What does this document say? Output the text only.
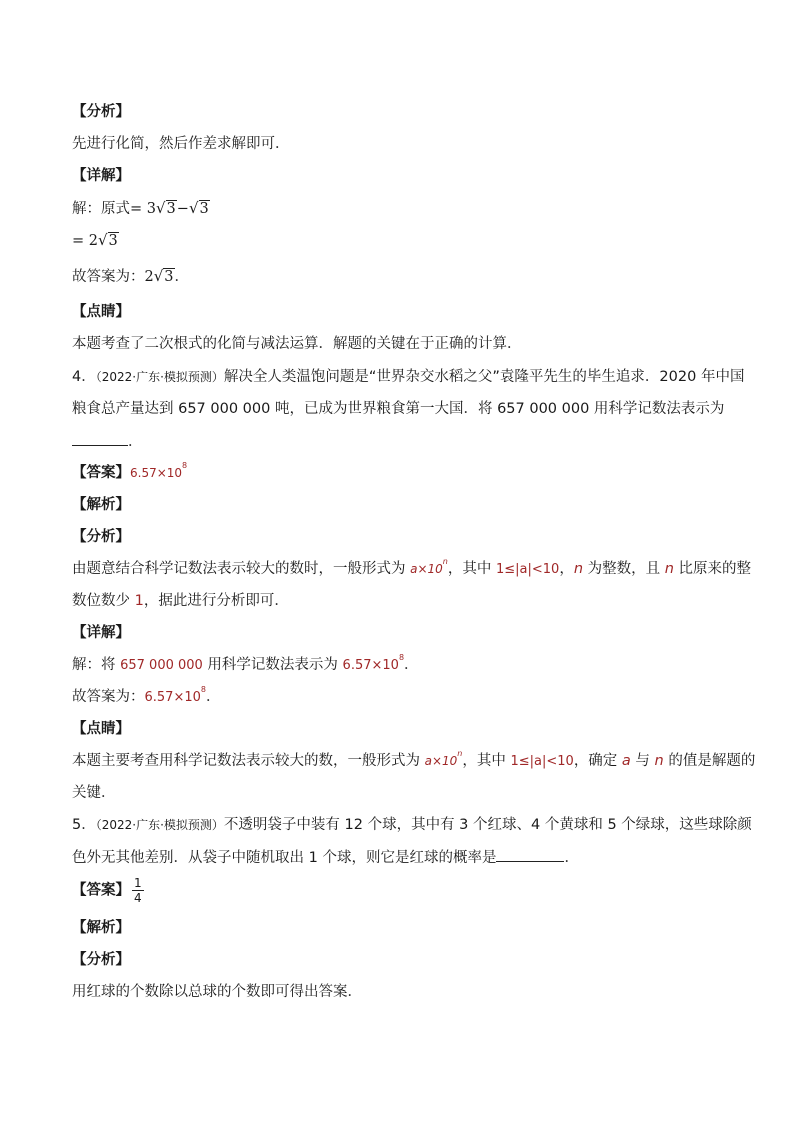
【分析】
先进行化简，然后作差求解即可．
【详解】
解：原式= 3√3−√3
= 2√3
故答案为：2√3．
【点睛】
本题考查了二次根式的化简与减法运算．解题的关键在于正确的计算．
4．（2022·广东·模拟预测）解决全人类温饱问题是“世界杂交水稻之父”袁隆平先生的毕生追求．2020 年中国
粮食总产量达到 657 000 000 吨，已成为世界粮食第一大国．将 657 000 000 用科学记数法表示为
．
【答案】$6.57\times 10^8$
【解析】
【分析】
由题意结合科学记数法表示较大的数时，一般形式为 $a\times 10^n$，其中 1≤|a|<10，n 为整数，且 n 比原来的整
数位数少 1，据此进行分析即可．
【详解】
解：将 657 000 000 用科学记数法表示为 $6.57\times 10^8$．
故答案为：$6.57\times 10^8$．
【点睛】
本题主要考查用科学记数法表示较大的数，一般形式为 $a\times 10^n$，其中 1≤|a|<10，确定 a 与 n 的值是解题的
关键．
5．（2022·广东·模拟预测）不透明袋子中装有 12 个球，其中有 3 个红球、4 个黄球和 5 个绿球，这些球除颜
色外无其他差别．从袋子中随机取出 1 个球，则它是红球的概率是	．
【答案】 $\frac{1}{4}$
【解析】
【分析】
用红球的个数除以总球的个数即可得出答案．
